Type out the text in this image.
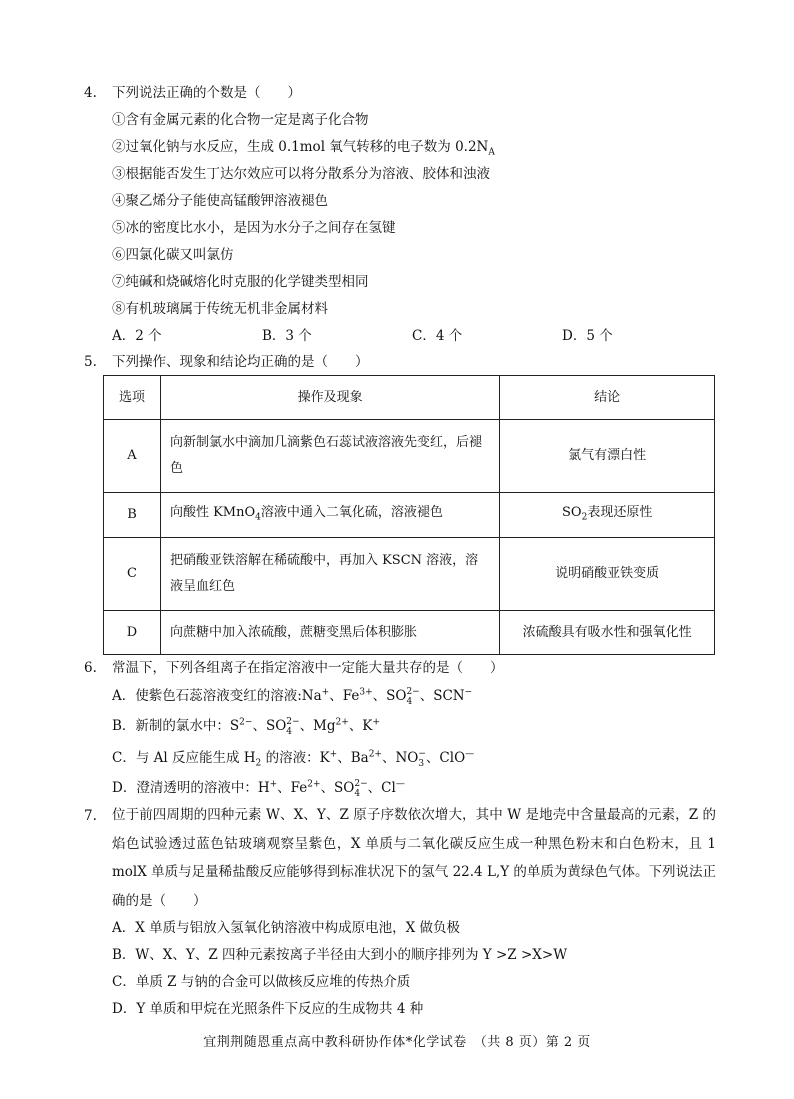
4. 下列说法正确的个数是（　　）
①含有金属元素的化合物一定是离子化合物
②过氧化钠与水反应，生成 0.1mol 氧气转移的电子数为 $0.2N_A$
③根据能否发生丁达尔效应可以将分散系分为溶液、胶体和浊液
④聚乙烯分子能使高锰酸钾溶液褪色
⑤冰的密度比水小，是因为水分子之间存在氢键
⑥四氯化碳又叫氯仿
⑦纯碱和烧碱熔化时克服的化学键类型相同
⑧有机玻璃属于传统无机非金属材料
A．2 个	B．3 个	C．4 个	D．5 个
5. 下列操作、现象和结论均正确的是（　　）
选项	操作及现象	结论
A	向新制氯水中滴加几滴紫色石蕊试液溶液先变红，后褪色	氯气有漂白性
B	向酸性 KMnO$_4$溶液中通入二氧化硫，溶液褪色	$SO_2$表现还原性
C	把硝酸亚铁溶解在稀硫酸中，再加入 KSCN 溶液，溶液呈血红色	说明硝酸亚铁变质
D	向蔗糖中加入浓硫酸，蔗糖变黑后体积膨胀	浓硫酸具有吸水性和强氧化性
6. 常温下，下列各组离子在指定溶液中一定能大量共存的是（　　）
A．使紫色石蕊溶液变红的溶液:Na+、$Fe^{3+}$、SO 2−
4 、SCN−
B．新制的氯水中：$S^{2-}$、SO 2−
4 、$Mg^{2+}$、K+
C．与 Al 反应能生成 $H_2$ 的溶液：K+、$Ba^{2+}$、NO −
3 、ClO—
D．澄清透明的溶液中：H+、$Fe^{2+}$、SO 2−
4 、Cl—
7.	位于前四周期的四种元素 W、X、Y、Z 原子序数依次增大，其中 W 是地壳中含量最高的元素，Z 的焰色试验透过蓝色钴玻璃观察呈紫色，X 单质与二氧化碳反应生成一种黑色粉末和白色粉末，且 1 molX 单质与足量稀盐酸反应能够得到标准状况下的氢气 22.4 L,Y 的单质为黄绿色气体。下列说法正确的是（　　）
A．X 单质与铝放入氢氧化钠溶液中构成原电池，X 做负极
B．W、X、Y、Z 四种元素按离子半径由大到小的顺序排列为 Y >Z >X>W
C．单质 Z 与钠的合金可以做核反应堆的传热介质
D．Y 单质和甲烷在光照条件下反应的生成物共 4 种
宜荆荆随恩重点高中教科研协作体*化学试卷　（共 8 页）第 2 页
